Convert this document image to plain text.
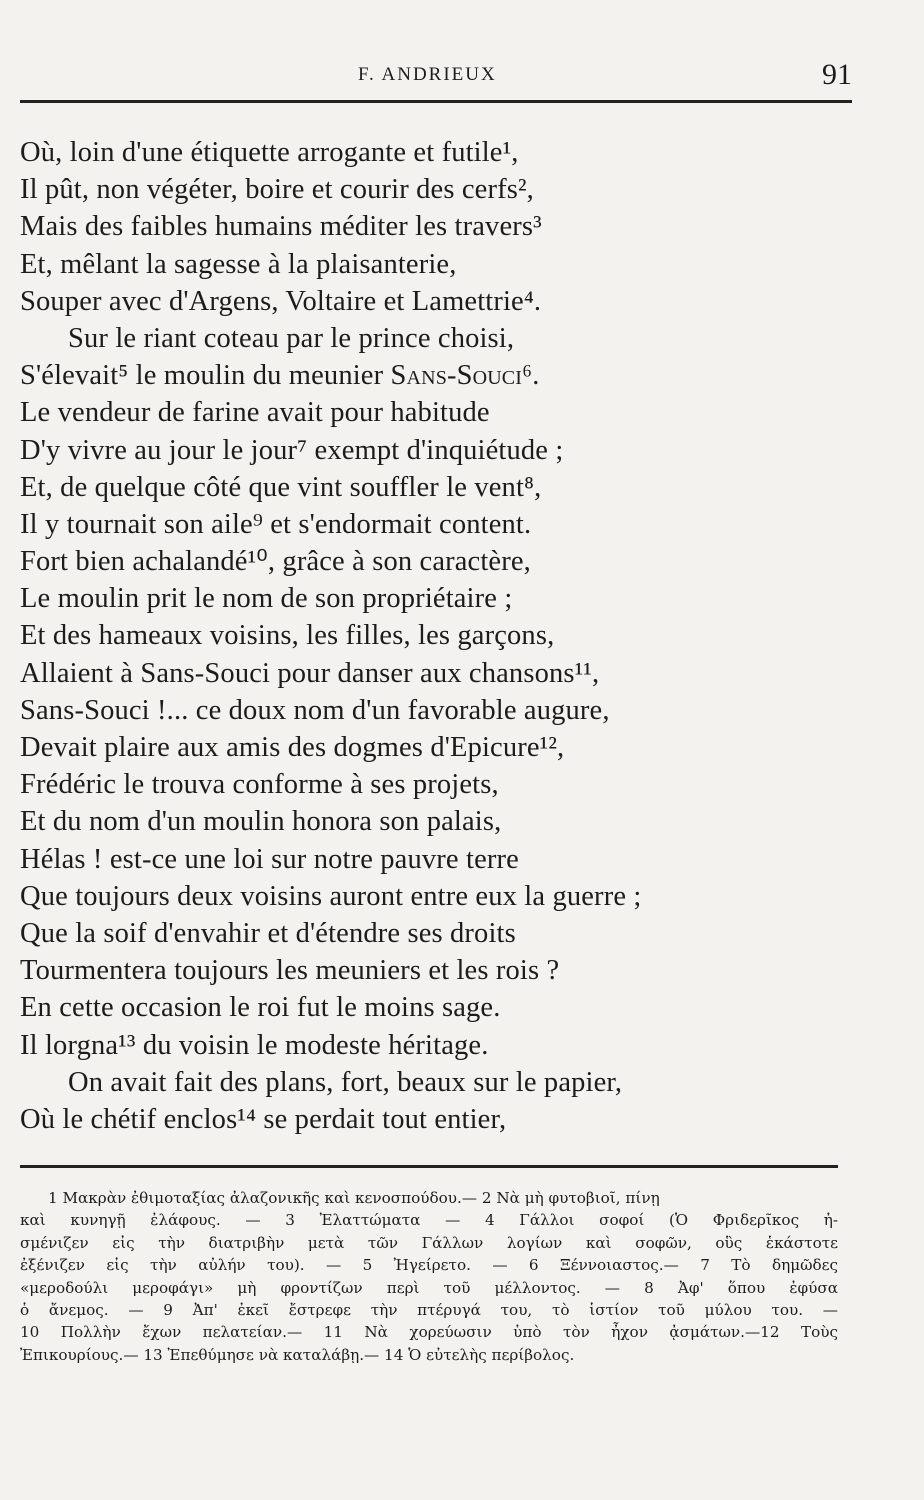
F. ANDRIEUX	91
Où, loin d'une étiquette arrogante et futile¹,
Il pût, non végéter, boire et courir des cerfs²,
Mais des faibles humains méditer les travers³
Et, mêlant la sagesse à la plaisanterie,
Souper avec d'Argens, Voltaire et Lamettrie⁴.
Sur le riant coteau par le prince choisi,
S'élevait⁵ le moulin du meunier Sans-Souci⁶.
Le vendeur de farine avait pour habitude
D'y vivre au jour le jour⁷ exempt d'inquiétude ;
Et, de quelque côté que vint souffler le vent⁸,
Il y tournait son aile⁹ et s'endormait content.
Fort bien achalandé¹⁰, grâce à son caractère,
Le moulin prit le nom de son propriétaire ;
Et des hameaux voisins, les filles, les garçons,
Allaient à Sans-Souci pour danser aux chansons¹¹,
Sans-Souci !... ce doux nom d'un favorable augure,
Devait plaire aux amis des dogmes d'Epicure¹²,
Frédéric le trouva conforme à ses projets,
Et du nom d'un moulin honora son palais,
Hélas ! est-ce une loi sur notre pauvre terre
Que toujours deux voisins auront entre eux la guerre ;
Que la soif d'envahir et d'étendre ses droits
Tourmentera toujours les meuniers et les rois ?
En cette occasion le roi fut le moins sage.
Il lorgna¹³ du voisin le modeste héritage.
On avait fait des plans, fort, beaux sur le papier,
Où le chétif enclos¹⁴ se perdait tout entier,
1 Μακρὰν ἐθιμοταξίας ἀλαζονικῆς καὶ κενοσπούδου.— 2 Νὰ μὴ φυτοβιοῖ, πίνῃ
καὶ κυνηγῇ ἐλάφους. — 3 Ἐλαττώματα — 4 Γάλλοι σοφοί (Ὁ Φριδερῖκος ἠ-
σμένιζεν εἰς τὴν διατριβὴν μετὰ τῶν Γάλλων λογίων καὶ σοφῶν, οὓς ἑκάστοτε
ἐξένιζεν εἰς τὴν αὐλήν του). — 5 Ἠγείρετο. — 6 Ξέννοιαστος.— 7 Τὸ δημῶδες
«μεροδούλι μεροφάγι» μὴ φροντίζων περὶ τοῦ μέλλοντος. — 8 Ἀφ' ὅπου ἐφύσα
ὁ ἄνεμος. — 9 Ἀπ' ἐκεῖ ἔστρεφε τὴν πτέρυγά του, τὸ ἱστίον τοῦ μύλου του. —
10 Πολλὴν ἔχων πελατείαν.— 11 Νὰ χορεύωσιν ὑπὸ τὸν ἦχον ᾀσμάτων.—12 Τοὺς
Ἐπικουρίους.— 13 Ἐπεθύμησε νὰ καταλάβῃ.— 14 Ὁ εὐτελὴς περίβολος.
